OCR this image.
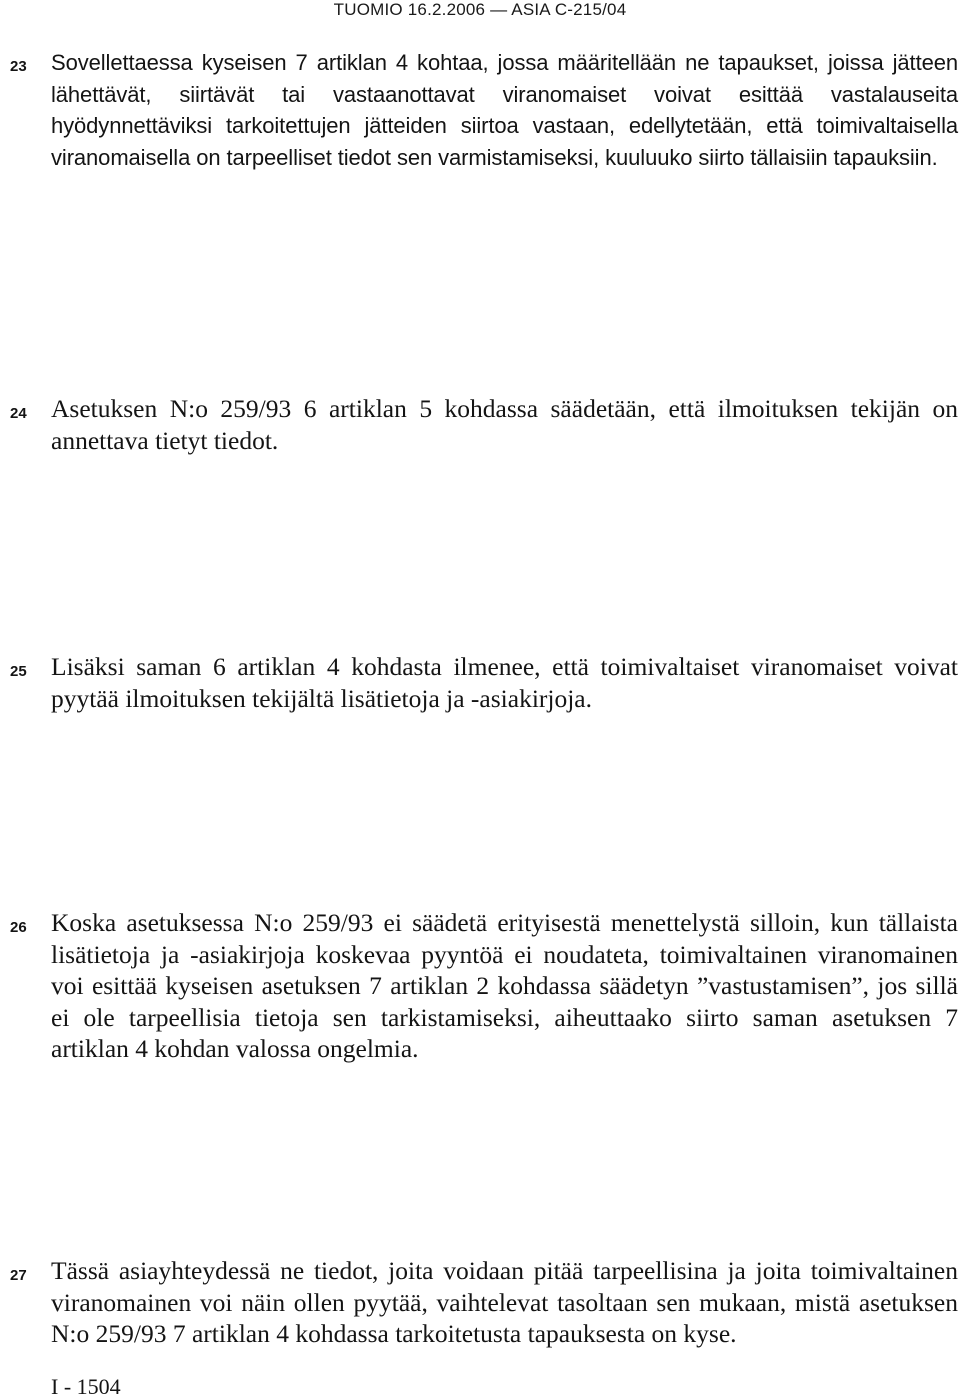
TUOMIO 16.2.2006 — ASIA C-215/04
23 Sovellettaessa kyseisen 7 artiklan 4 kohtaa, jossa määritellään ne tapaukset, joissa jätteen lähettävät, siirtävät tai vastaanottavat viranomaiset voivat esittää vastalauseita hyödynnettäviksi tarkoitettujen jätteiden siirtoa vastaan, edellytetään, että toimivaltaisella viranomaisella on tarpeelliset tiedot sen varmistamiseksi, kuuluuko siirto tällaisiin tapauksiin.
24 Asetuksen N:o 259/93 6 artiklan 5 kohdassa säädetään, että ilmoituksen tekijän on annettava tietyt tiedot.
25 Lisäksi saman 6 artiklan 4 kohdasta ilmenee, että toimivaltaiset viranomaiset voivat pyytää ilmoituksen tekijältä lisätietoja ja -asiakirjoja.
26 Koska asetuksessa N:o 259/93 ei säädetä erityisestä menettelystä silloin, kun tällaista lisätietoja ja -asiakirjoja koskevaa pyyntöä ei noudateta, toimivaltainen viranomainen voi esittää kyseisen asetuksen 7 artiklan 2 kohdassa säädetyn ”vastustamisen”, jos sillä ei ole tarpeellisia tietoja sen tarkistamiseksi, aiheuttaako siirto saman asetuksen 7 artiklan 4 kohdan valossa ongelmia.
27 Tässä asiayhteydessä ne tiedot, joita voidaan pitää tarpeellisina ja joita toimivaltainen viranomainen voi näin ollen pyytää, vaihtelevat tasoltaan sen mukaan, mistä asetuksen N:o 259/93 7 artiklan 4 kohdassa tarkoitetusta tapauksesta on kyse.
I - 1504
